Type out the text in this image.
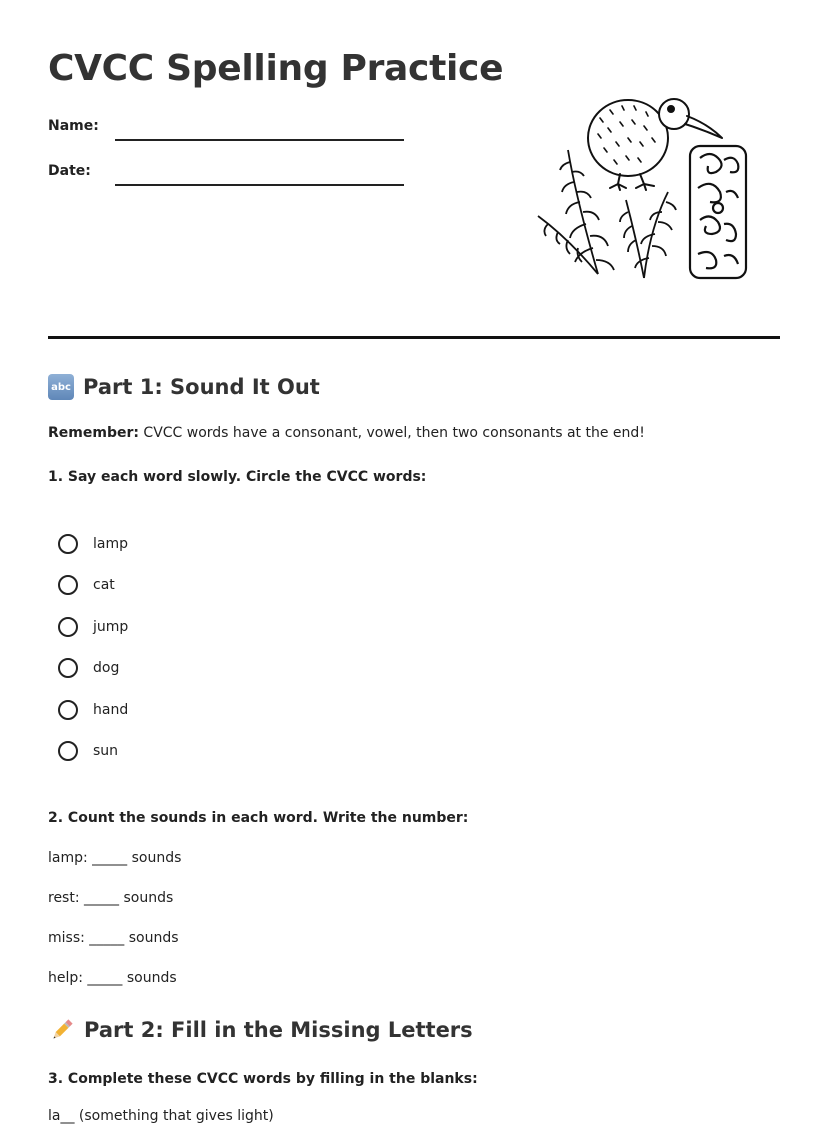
CVCC Spelling Practice
Name:
Date:
abc Part 1: Sound It Out

Remember: CVCC words have a consonant, vowel, then two consonants at the end!

1. Say each word slowly. Circle the CVCC words:

lamp
cat
jump
dog
hand
sun

2. Count the sounds in each word. Write the number:

lamp: _____ sounds

rest: _____ sounds

miss: _____ sounds

help: _____ sounds

Part 2: Fill in the Missing Letters

3. Complete these CVCC words by filling in the blanks:

la__ (something that gives light)
